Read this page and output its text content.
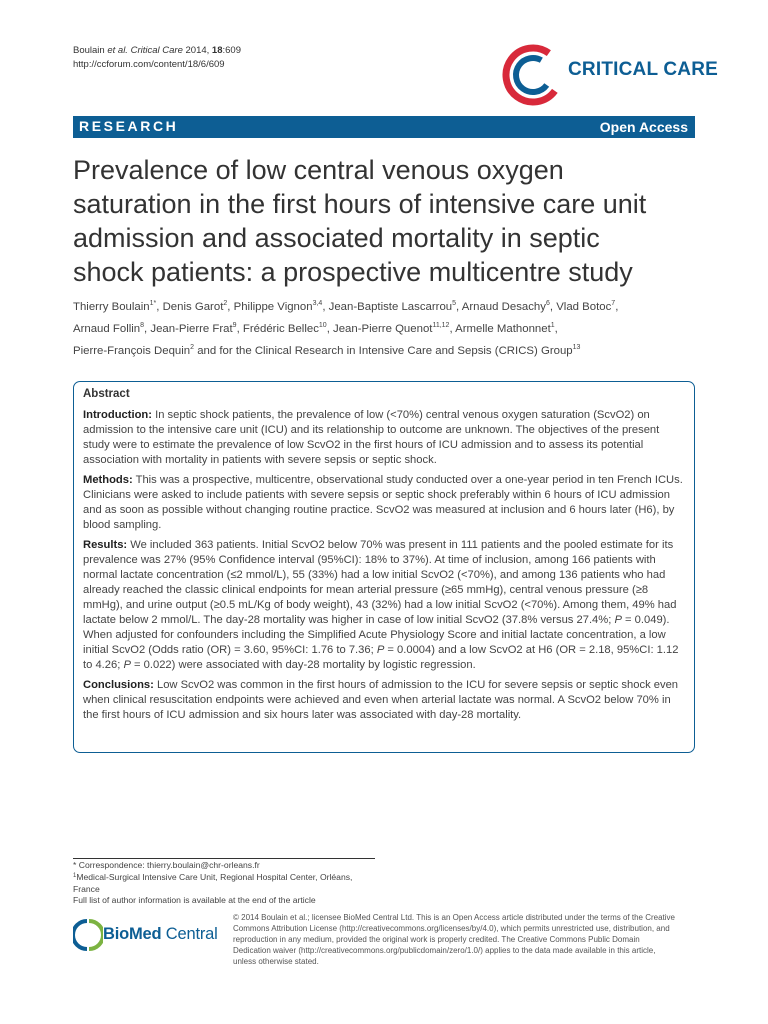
Boulain et al. Critical Care 2014, 18:609
http://ccforum.com/content/18/6/609	CRITICAL CARE
RESEARCH	Open Access
Prevalence of low central venous oxygen
saturation in the first hours of intensive care unit
admission and associated mortality in septic
shock patients: a prospective multicentre study
Thierry Boulain$^{1*}$, Denis Garot$^2$, Philippe Vignon$^{3,4}$, Jean-Baptiste Lascarrou$^5$, Arnaud Desachy$^6$, Vlad Botoc$^7$,
Arnaud Follin$^8$, Jean-Pierre Frat$^9$, Frédéric Bellec$^{10}$, Jean-Pierre Quenot$^{11,12}$, Armelle Mathonnet$^1$,
Pierre-François Dequin$^2$ and for the Clinical Research in Intensive Care and Sepsis (CRICS) Group$^{13}$
Abstract

Introduction: In septic shock patients, the prevalence of low (<70%) central venous oxygen saturation (ScvO2) on admission to the intensive care unit (ICU) and its relationship to outcome are unknown. The objectives of the present study were to estimate the prevalence of low ScvO2 in the first hours of ICU admission and to assess its potential association with mortality in patients with severe sepsis or septic shock.

Methods: This was a prospective, multicentre, observational study conducted over a one-year period in ten French ICUs. Clinicians were asked to include patients with severe sepsis or septic shock preferably within 6 hours of ICU admission and as soon as possible without changing routine practice. ScvO2 was measured at inclusion and 6 hours later (H6), by blood sampling.

Results: We included 363 patients. Initial ScvO2 below 70% was present in 111 patients and the pooled estimate for its prevalence was 27% (95% Confidence interval (95%CI): 18% to 37%). At time of inclusion, among 166 patients with normal lactate concentration (≤2 mmol/L), 55 (33%) had a low initial ScvO2 (<70%), and among 136 patients who had already reached the classic clinical endpoints for mean arterial pressure (≥65 mmHg), central venous pressure (≥8 mmHg), and urine output (≥0.5 mL/Kg of body weight), 43 (32%) had a low initial ScvO2 (<70%). Among them, 49% had lactate below 2 mmol/L. The day-28 mortality was higher in case of low initial ScvO2 (37.8% versus 27.4%; P = 0.049). When adjusted for confounders including the Simplified Acute Physiology Score and initial lactate concentration, a low initial ScvO2 (Odds ratio (OR) = 3.60, 95%CI: 1.76 to 7.36; P = 0.0004) and a low ScvO2 at H6 (OR = 2.18, 95%CI: 1.12 to 4.26; P = 0.022) were associated with day-28 mortality by logistic regression.

Conclusions: Low ScvO2 was common in the first hours of admission to the ICU for severe sepsis or septic shock even when clinical resuscitation endpoints were achieved and even when arterial lactate was normal. A ScvO2 below 70% in the first hours of ICU admission and six hours later was associated with day-28 mortality.

* Correspondence: thierry.boulain@chr-orleans.fr
$^1$Medical-Surgical Intensive Care Unit, Regional Hospital Center, Orléans,
France
Full list of author information is available at the end of the article
BioMed Central
© 2014 Boulain et al.; licensee BioMed Central Ltd. This is an Open Access article distributed under the terms of the Creative
Commons Attribution License (http://creativecommons.org/licenses/by/4.0), which permits unrestricted use, distribution, and
reproduction in any medium, provided the original work is properly credited. The Creative Commons Public Domain
Dedication waiver (http://creativecommons.org/publicdomain/zero/1.0/) applies to the data made available in this article,
unless otherwise stated.
